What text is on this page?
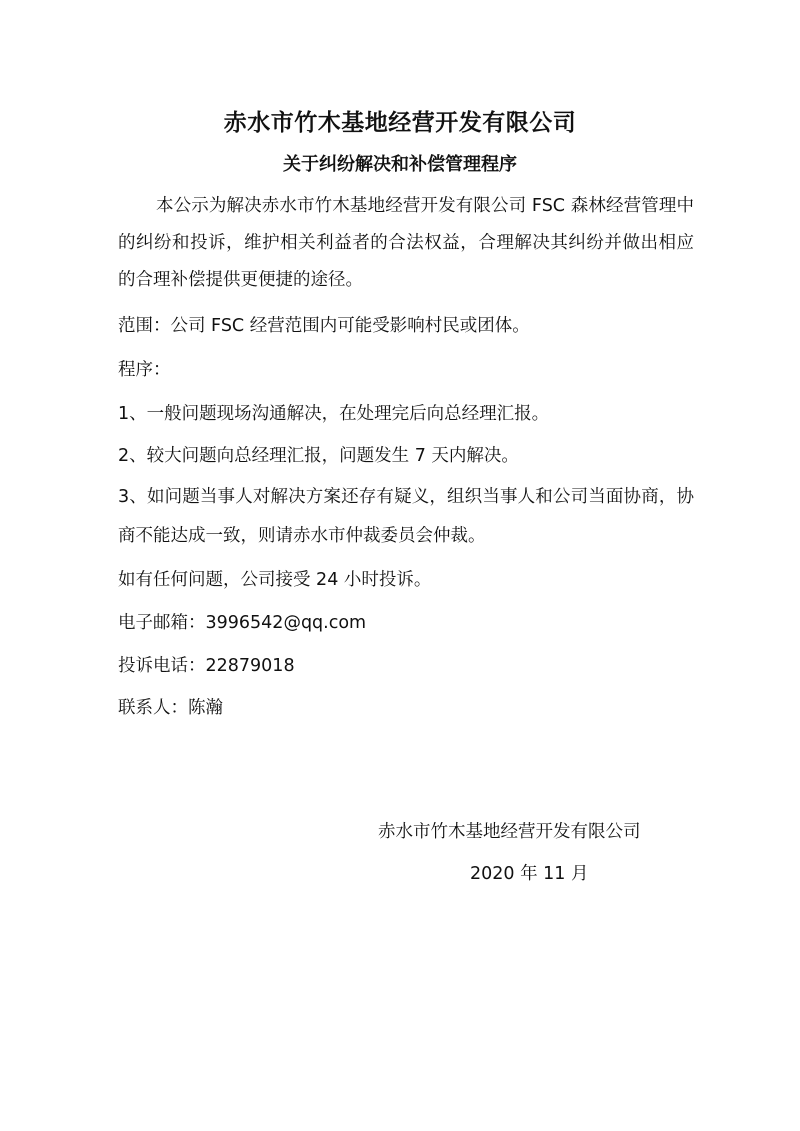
赤水市竹木基地经营开发有限公司
关于纠纷解决和补偿管理程序
本公示为解决赤水市竹木基地经营开发有限公司 FSC 森林经营管理中的纠纷和投诉，维护相关利益者的合法权益，合理解决其纠纷并做出相应的合理补偿提供更便捷的途径。
范围：公司 FSC 经营范围内可能受影响村民或团体。
程序：
1、一般问题现场沟通解决，在处理完后向总经理汇报。
2、较大问题向总经理汇报，问题发生 7 天内解决。
3、如问题当事人对解决方案还存有疑义，组织当事人和公司当面协商，协商不能达成一致，则请赤水市仲裁委员会仲裁。
如有任何问题，公司接受 24 小时投诉。
电子邮箱：3996542@qq.com
投诉电话：22879018
联系人：陈瀚
赤水市竹木基地经营开发有限公司
2020 年 11 月
